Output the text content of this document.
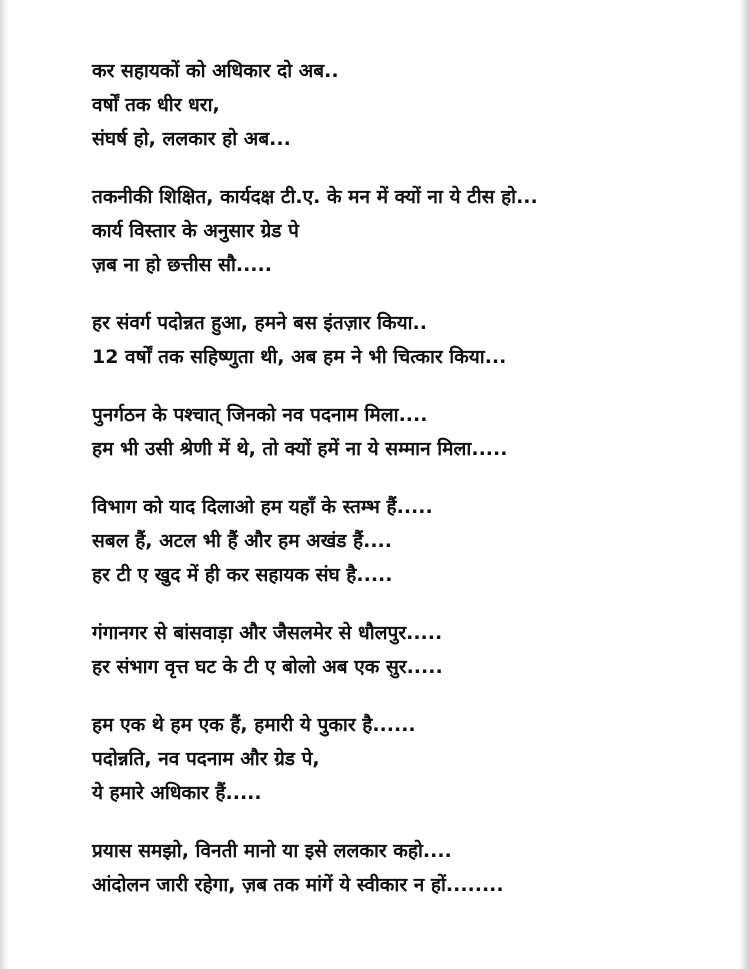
कर सहायकों को अधिकार दो अब..
वर्षों तक धीर धरा,
संघर्ष हो, ललकार हो अब...
तकनीकी शिक्षित, कार्यदक्ष टी.ए. के मन में क्यों ना ये टीस हो...
कार्य विस्तार के अनुसार ग्रेड पे
ज़ब ना हो छत्तीस सौ.....
हर संवर्ग पदोन्नत हुआ, हमने बस इंतज़ार किया..
12 वर्षों तक सहिष्णुता थी, अब हम ने भी चित्कार किया...
पुनर्गठन के पश्चात् जिनको नव पदनाम मिला....
हम भी उसी श्रेणी में थे, तो क्यों हमें ना ये सम्मान मिला.....
विभाग को याद दिलाओ हम यहाँ के स्तम्भ हैं.....
सबल हैं, अटल भी हैं और हम अखंड हैं....
हर टी ए खुद में ही कर सहायक संघ है.....
गंगानगर से बांसवाड़ा और जैसलमेर से धौलपुर.....
हर संभाग वृत्त घट के टी ए बोलो अब एक सुर.....
हम एक थे हम एक हैं, हमारी ये पुकार है......
पदोन्नति, नव पदनाम और ग्रेड पे,
ये हमारे अधिकार हैं.....
प्रयास समझो, विनती मानो या इसे ललकार कहो....
आंदोलन जारी रहेगा, ज़ब तक मांगें ये स्वीकार न हों........
